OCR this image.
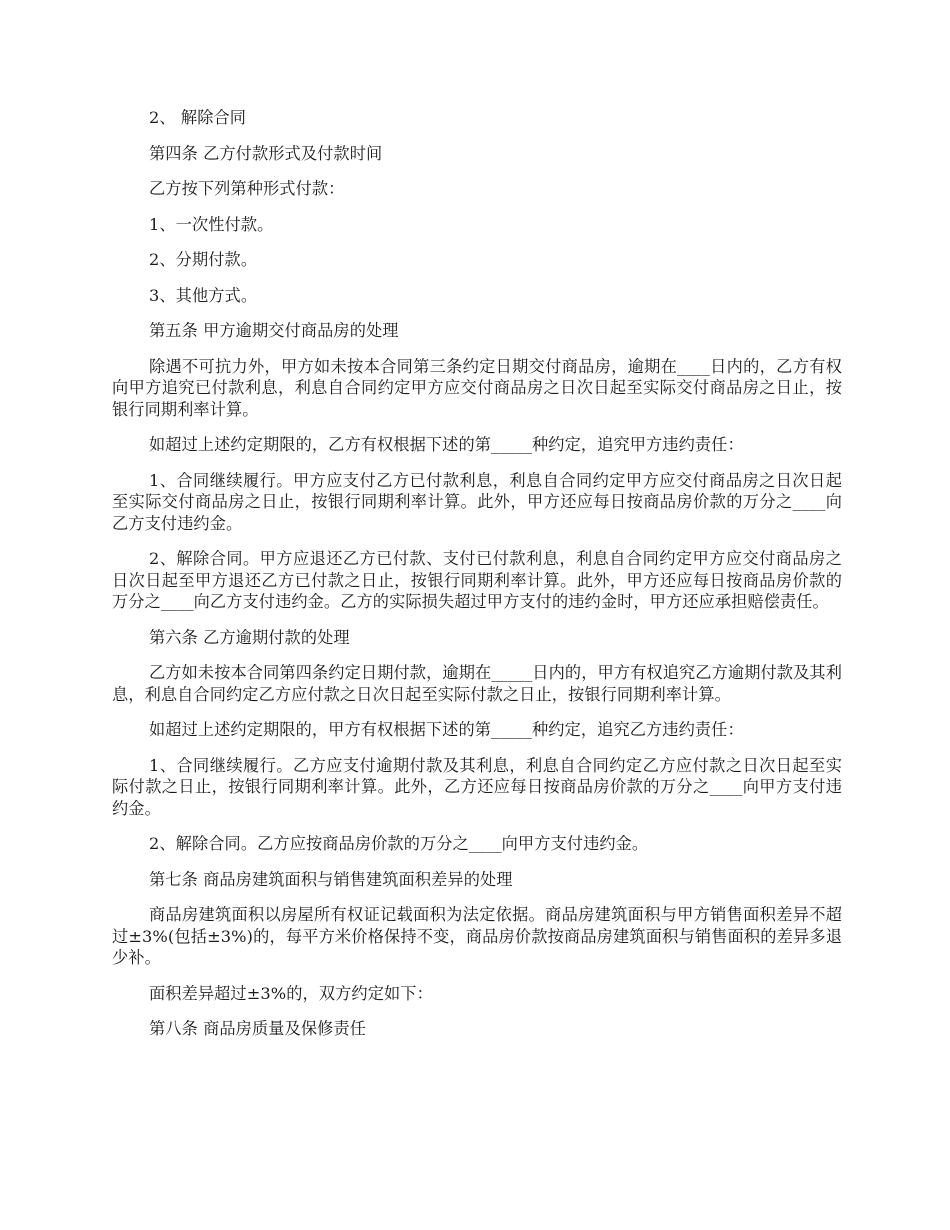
2、 解除合同

第四条 乙方付款形式及付款时间

乙方按下列第种形式付款：

1、一次性付款。

2、分期付款。

3、其他方式。

第五条 甲方逾期交付商品房的处理

除遇不可抗力外，甲方如未按本合同第三条约定日期交付商品房，逾期在____日内的，乙方有权向甲方追究已付款利息，利息自合同约定甲方应交付商品房之日次日起至实际交付商品房之日止，按银行同期利率计算。

如超过上述约定期限的，乙方有权根据下述的第_____种约定，追究甲方违约责任：

1、合同继续履行。甲方应支付乙方已付款利息，利息自合同约定甲方应交付商品房之日次日起至实际交付商品房之日止，按银行同期利率计算。此外，甲方还应每日按商品房价款的万分之____向乙方支付违约金。

2、解除合同。甲方应退还乙方已付款、支付已付款利息，利息自合同约定甲方应交付商品房之日次日起至甲方退还乙方已付款之日止，按银行同期利率计算。此外，甲方还应每日按商品房价款的万分之____向乙方支付违约金。乙方的实际损失超过甲方支付的违约金时，甲方还应承担赔偿责任。

第六条 乙方逾期付款的处理

乙方如未按本合同第四条约定日期付款，逾期在_____日内的，甲方有权追究乙方逾期付款及其利息，利息自合同约定乙方应付款之日次日起至实际付款之日止，按银行同期利率计算。

如超过上述约定期限的，甲方有权根据下述的第_____种约定，追究乙方违约责任：

1、合同继续履行。乙方应支付逾期付款及其利息，利息自合同约定乙方应付款之日次日起至实际付款之日止，按银行同期利率计算。此外，乙方还应每日按商品房价款的万分之____向甲方支付违约金。

2、解除合同。乙方应按商品房价款的万分之____向甲方支付违约金。

第七条 商品房建筑面积与销售建筑面积差异的处理

商品房建筑面积以房屋所有权证记载面积为法定依据。商品房建筑面积与甲方销售面积差异不超过±3%(包括±3%)的，每平方米价格保持不变，商品房价款按商品房建筑面积与销售面积的差异多退少补。

面积差异超过±3%的，双方约定如下：

第八条 商品房质量及保修责任
